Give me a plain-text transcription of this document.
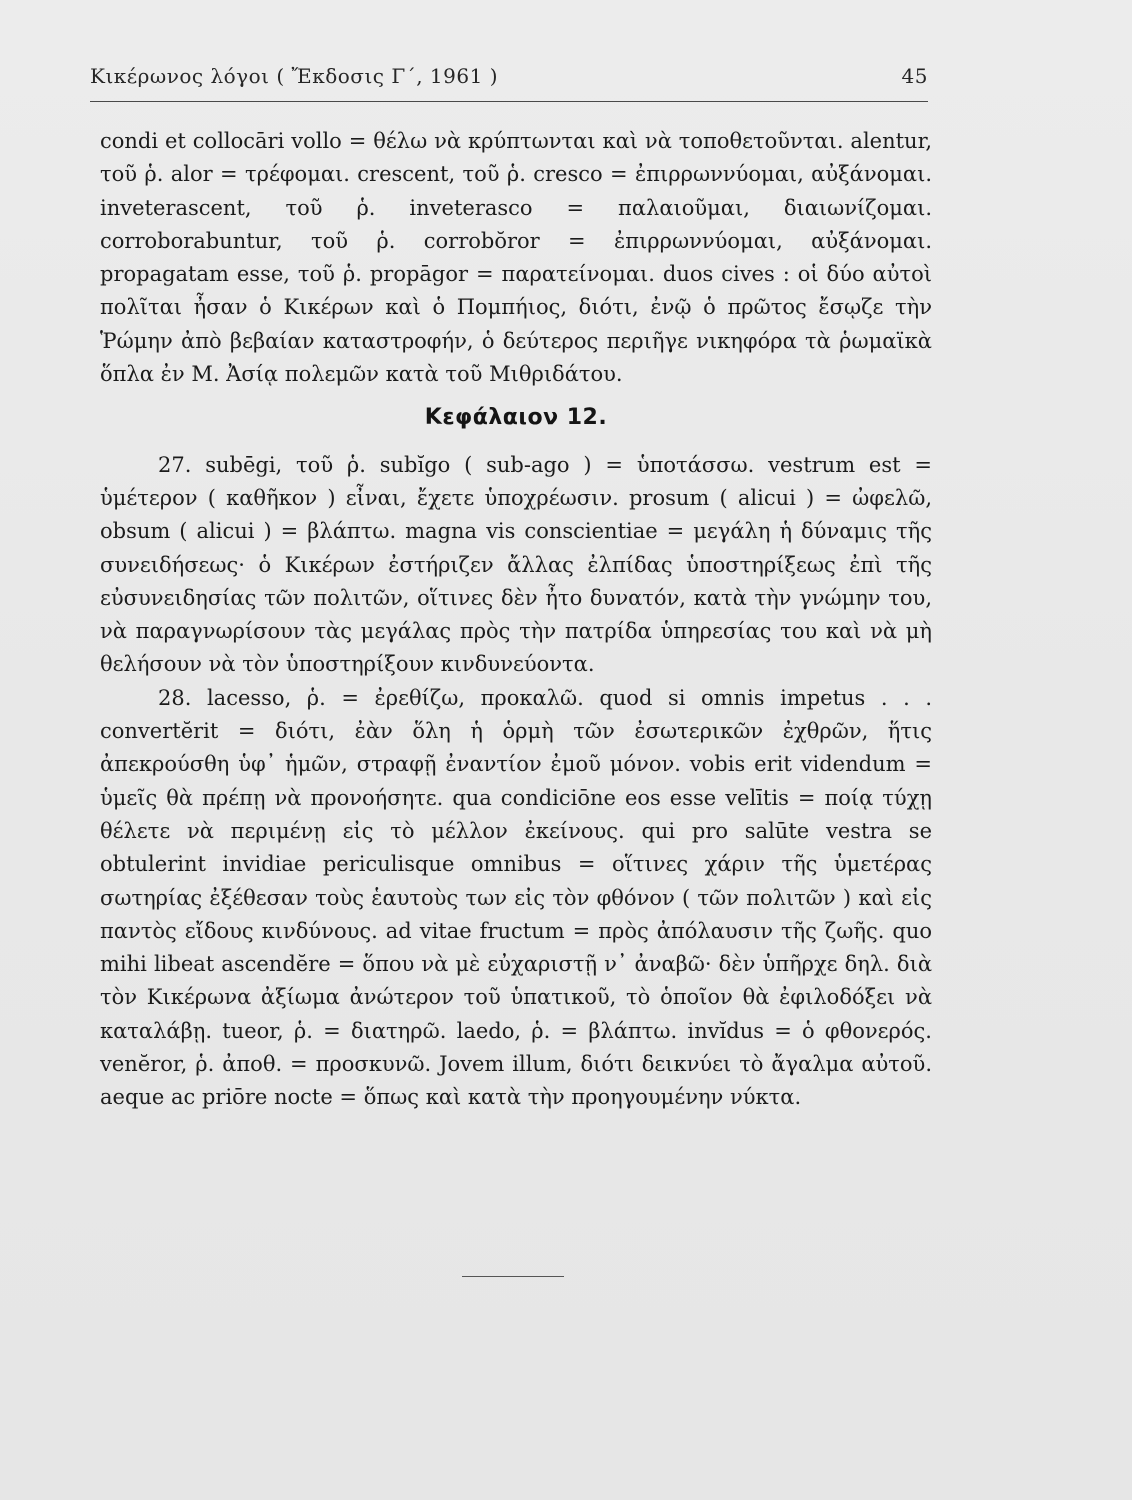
Κικέρωνος λόγοι ( Ἔκδοσις Γ΄, 1961 )	45

condi et collocāri vollo = θέλω νὰ κρύπτωνται καὶ νὰ τοποθετοῦνται. alentur, τοῦ ῥ. alor = τρέφομαι. crescent, τοῦ ῥ. cresco = ἐπιρρωννύομαι, αὐξάνομαι. inveterascent, τοῦ ῥ. inveterasco = παλαιοῦμαι, διαιωνίζομαι. corroborabuntur, τοῦ ῥ. corrobŏror = ἐπιρρωννύομαι, αὐξάνομαι. propagatam esse, τοῦ ῥ. propāgor = παρατείνομαι. duos cives : οἱ δύο αὐτοὶ πολῖται ἦσαν ὁ Κικέρων καὶ ὁ Πομπήιος, διότι, ἐνῷ ὁ πρῶτος ἔσῳζε τὴν Ῥώμην ἀπὸ βεβαίαν καταστροφήν, ὁ δεύτερος περιῆγε νικηφόρα τὰ ῥωμαϊκὰ ὅπλα ἐν Μ. Ἀσίᾳ πολεμῶν κατὰ τοῦ Μιθριδάτου.

Κεφάλαιον 12.

27. subēgi, τοῦ ῥ. subĭgo ( sub-ago ) = ὑποτάσσω. vestrum est = ὑμέτερον ( καθῆκον ) εἶναι, ἔχετε ὑποχρέωσιν. prosum ( alicui ) = ὠφελῶ, obsum ( alicui ) = βλάπτω. magna vis conscientiae = μεγάλη ἡ δύναμις τῆς συνειδήσεως· ὁ Κικέρων ἐστήριζεν ἄλλας ἐλπίδας ὑποστηρίξεως ἐπὶ τῆς εὐσυνειδησίας τῶν πολιτῶν, οἵτινες δὲν ἦτο δυνατόν, κατὰ τὴν γνώμην του, νὰ παραγνωρίσουν τὰς μεγάλας πρὸς τὴν πατρίδα ὑπηρεσίας του καὶ νὰ μὴ θελήσουν νὰ τὸν ὑποστηρίξουν κινδυνεύοντα.

28. lacesso, ῥ. = ἐρεθίζω, προκαλῶ. quod si omnis impetus . . . convertĕrit = διότι, ἐὰν ὅλη ἡ ὁρμὴ τῶν ἐσωτερικῶν ἐχθρῶν, ἥτις ἀπεκρούσθη ὑφ᾽ ἡμῶν, στραφῇ ἐναντίον ἐμοῦ μόνον. vobis erit videndum = ὑμεῖς θὰ πρέπῃ νὰ προνοήσητε. qua condiciōne eos esse velītis = ποίᾳ τύχῃ θέλετε νὰ περιμένῃ εἰς τὸ μέλλον ἐκείνους. qui pro salūte vestra se obtulerint invidiae periculisque omnibus = οἵτινες χάριν τῆς ὑμετέρας σωτηρίας ἐξέθεσαν τοὺς ἑαυτοὺς των εἰς τὸν φθόνον ( τῶν πολιτῶν ) καὶ εἰς παντὸς εἴδους κινδύνους. ad vitae fructum = πρὸς ἀπόλαυσιν τῆς ζωῆς. quo mihi libeat ascendĕre = ὅπου νὰ μὲ εὐχαριστῇ ν᾽ ἀναβῶ· δὲν ὑπῆρχε δηλ. διὰ τὸν Κικέρωνα ἀξίωμα ἀνώτερον τοῦ ὑπατικοῦ, τὸ ὁποῖον θὰ ἐφιλοδόξει νὰ καταλάβῃ. tueor, ῥ. = διατηρῶ. laedo, ῥ. = βλάπτω. invĭdus = ὁ φθονερός. venĕror, ῥ. ἀποθ. = προσκυνῶ. Jovem illum, διότι δεικνύει τὸ ἄγαλμα αὐτοῦ. aeque ac priōre nocte = ὅπως καὶ κατὰ τὴν προηγουμένην νύκτα.
